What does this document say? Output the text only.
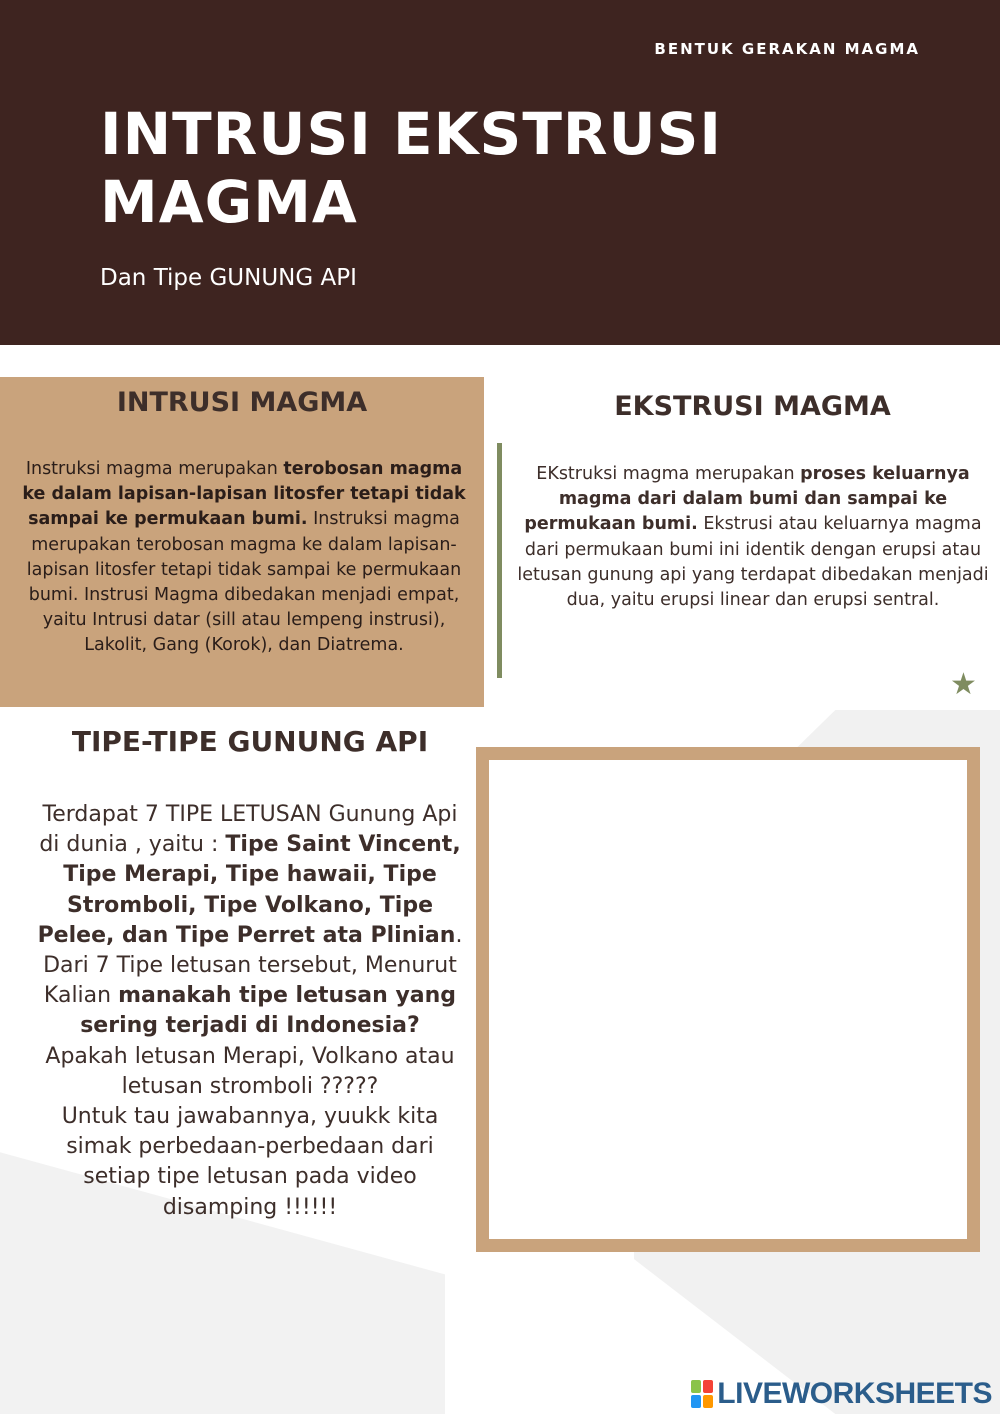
BENTUK GERAKAN MAGMA
INTRUSI EKSTRUSI
MAGMA
Dan Tipe GUNUNG API
INTRUSI MAGMA
Instruksi magma merupakan terobosan magma ke dalam lapisan-lapisan litosfer tetapi tidak sampai ke permukaan bumi. Instruksi magma merupakan terobosan magma ke dalam lapisan-lapisan litosfer tetapi tidak sampai ke permukaan bumi. Instrusi Magma dibedakan menjadi empat, yaitu Intrusi datar (sill atau lempeng instrusi), Lakolit, Gang (Korok), dan Diatrema.
EKSTRUSI MAGMA
EKstruksi magma merupakan proses keluarnya magma dari dalam bumi dan sampai ke permukaan bumi. Ekstrusi atau keluarnya magma dari permukaan bumi ini identik dengan erupsi atau letusan gunung api yang terdapat dibedakan menjadi dua, yaitu erupsi linear dan erupsi sentral.
★
TIPE-TIPE GUNUNG API
Terdapat 7 TIPE LETUSAN Gunung Api di dunia , yaitu : Tipe Saint Vincent, Tipe Merapi, Tipe hawaii, Tipe Stromboli, Tipe Volkano, Tipe Pelee, dan Tipe Perret ata Plinian. Dari 7 Tipe letusan tersebut, Menurut Kalian manakah tipe letusan yang sering terjadi di Indonesia?
Apakah letusan Merapi, Volkano atau letusan stromboli ?????
Untuk tau jawabannya, yuukk kita simak perbedaan-perbedaan dari setiap tipe letusan pada video disamping !!!!!!
LIVEWORKSHEETS
